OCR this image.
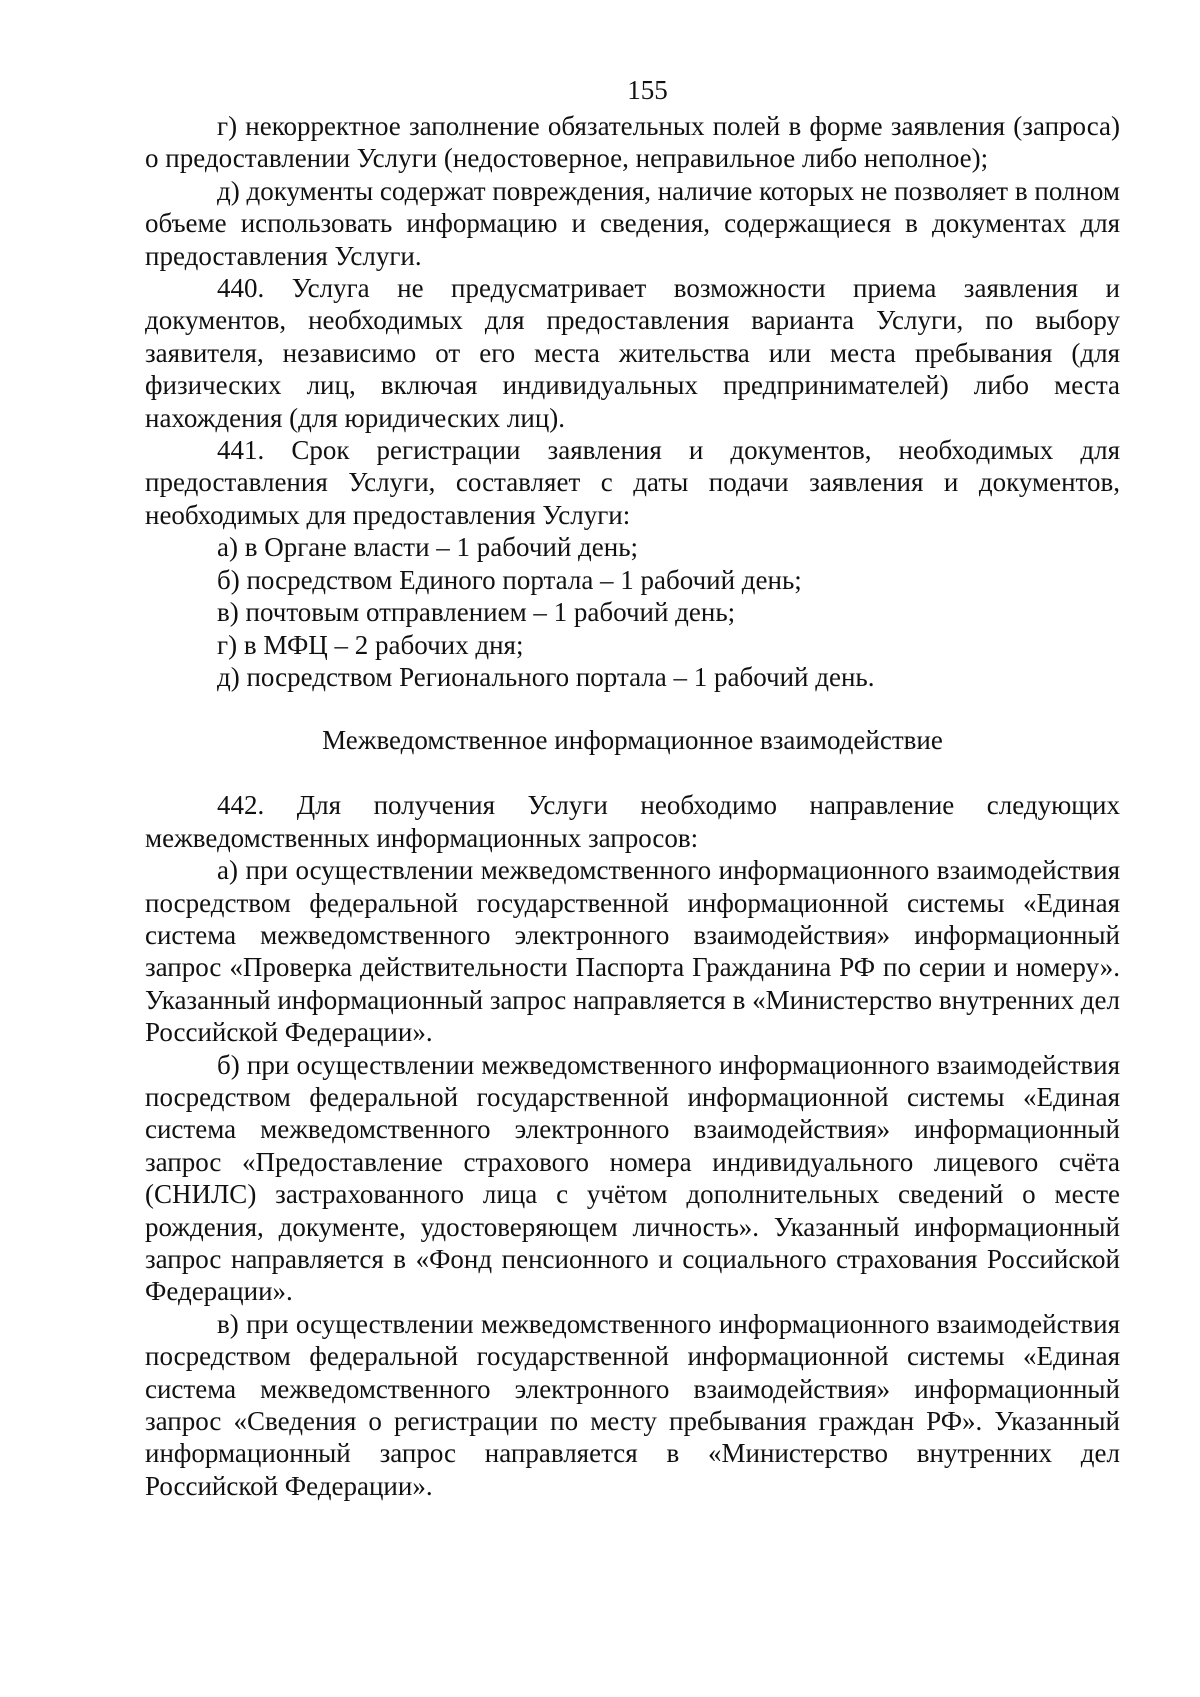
155

г) некорректное заполнение обязательных полей в форме заявления (запроса) о предоставлении Услуги (недостоверное, неправильное либо неполное);

д) документы содержат повреждения, наличие которых не позволяет в полном объеме использовать информацию и сведения, содержащиеся в документах для предоставления Услуги.

440. Услуга не предусматривает возможности приема заявления и документов, необходимых для предоставления варианта Услуги, по выбору заявителя, независимо от его места жительства или места пребывания (для физических лиц, включая индивидуальных предпринимателей) либо места нахождения (для юридических лиц).

441. Срок регистрации заявления и документов, необходимых для предоставления Услуги, составляет с даты подачи заявления и документов, необходимых для предоставления Услуги:

а) в Органе власти – 1 рабочий день;

б) посредством Единого портала – 1 рабочий день;

в) почтовым отправлением – 1 рабочий день;

г) в МФЦ – 2 рабочих дня;

д) посредством Регионального портала – 1 рабочий день.

Межведомственное информационное взаимодействие

442. Для получения Услуги необходимо направление следующих межведомственных информационных запросов:

а) при осуществлении межведомственного информационного взаимодействия посредством федеральной государственной информационной системы «Единая система межведомственного электронного взаимодействия» информационный запрос «Проверка действительности Паспорта Гражданина РФ по серии и номеру». Указанный информационный запрос направляется в «Министерство внутренних дел Российской Федерации».

б) при осуществлении межведомственного информационного взаимодействия посредством федеральной государственной информационной системы «Единая система межведомственного электронного взаимодействия» информационный запрос «Предоставление страхового номера индивидуального лицевого счёта (СНИЛС) застрахованного лица с учётом дополнительных сведений о месте рождения, документе, удостоверяющем личность». Указанный информационный запрос направляется в «Фонд пенсионного и социального страхования Российской Федерации».

в) при осуществлении межведомственного информационного взаимодействия посредством федеральной государственной информационной системы «Единая система межведомственного электронного взаимодействия» информационный запрос «Сведения о регистрации по месту пребывания граждан РФ». Указанный информационный запрос направляется в «Министерство внутренних дел Российской Федерации».
